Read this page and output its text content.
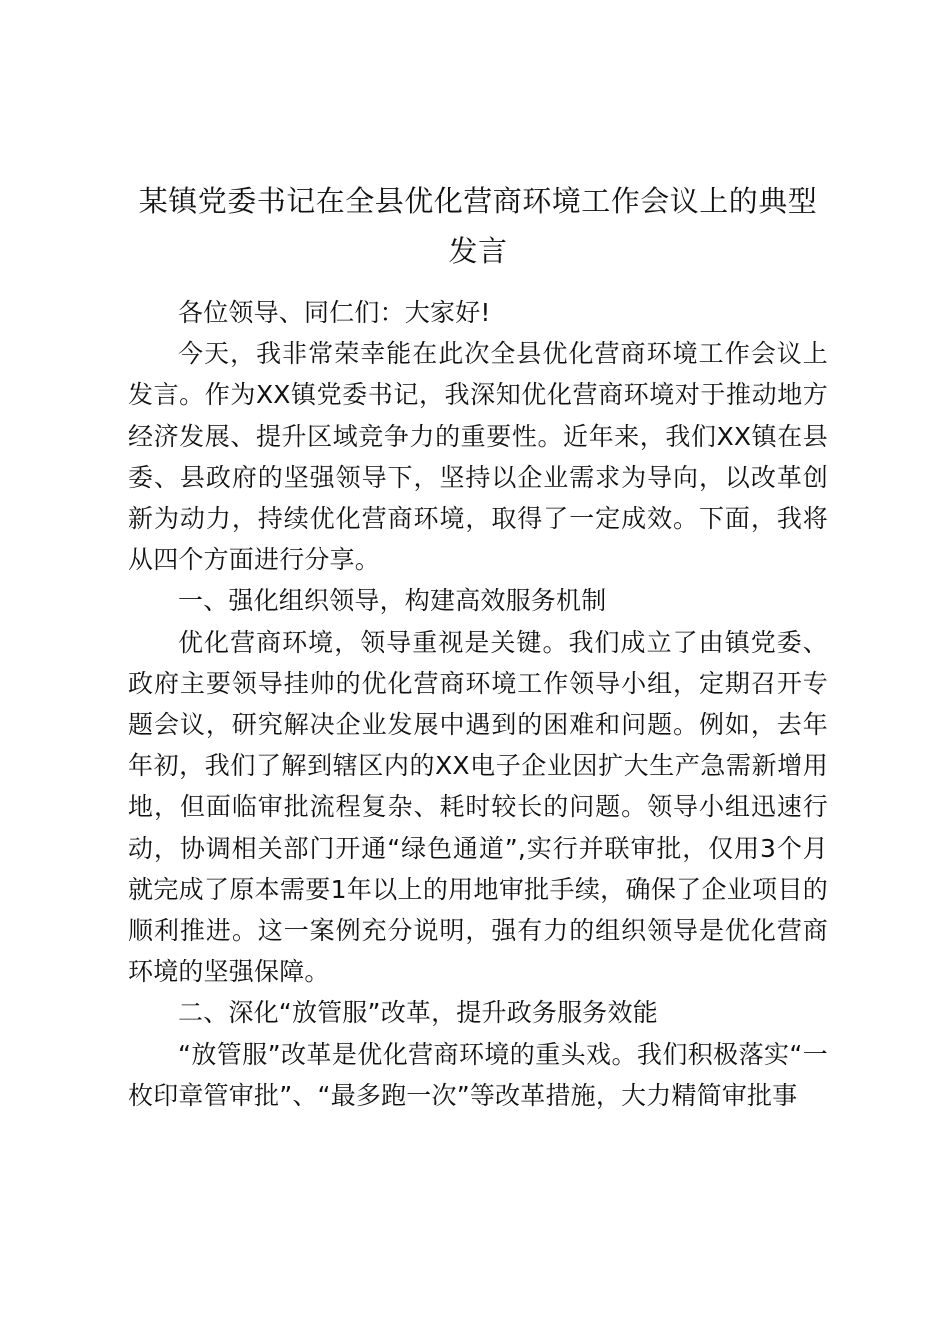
某镇党委书记在全县优化营商环境工作会议上的典型发言

各位领导、同仁们：大家好!

今天，我非常荣幸能在此次全县优化营商环境工作会议上发言。作为XX镇党委书记，我深知优化营商环境对于推动地方经济发展、提升区域竞争力的重要性。近年来，我们XX镇在县委、县政府的坚强领导下，坚持以企业需求为导向，以改革创新为动力，持续优化营商环境，取得了一定成效。下面，我将从四个方面进行分享。

一、强化组织领导，构建高效服务机制

优化营商环境，领导重视是关键。我们成立了由镇党委、政府主要领导挂帅的优化营商环境工作领导小组，定期召开专题会议，研究解决企业发展中遇到的困难和问题。例如，去年年初，我们了解到辖区内的XX电子企业因扩大生产急需新增用地，但面临审批流程复杂、耗时较长的问题。领导小组迅速行动，协调相关部门开通“绿色通道”,实行并联审批，仅用3个月就完成了原本需要1年以上的用地审批手续，确保了企业项目的顺利推进。这一案例充分说明，强有力的组织领导是优化营商环境的坚强保障。

二、深化“放管服”改革，提升政务服务效能

“放管服”改革是优化营商环境的重头戏。我们积极落实“一枚印章管审批”、“最多跑一次”等改革措施，大力精简审批事
